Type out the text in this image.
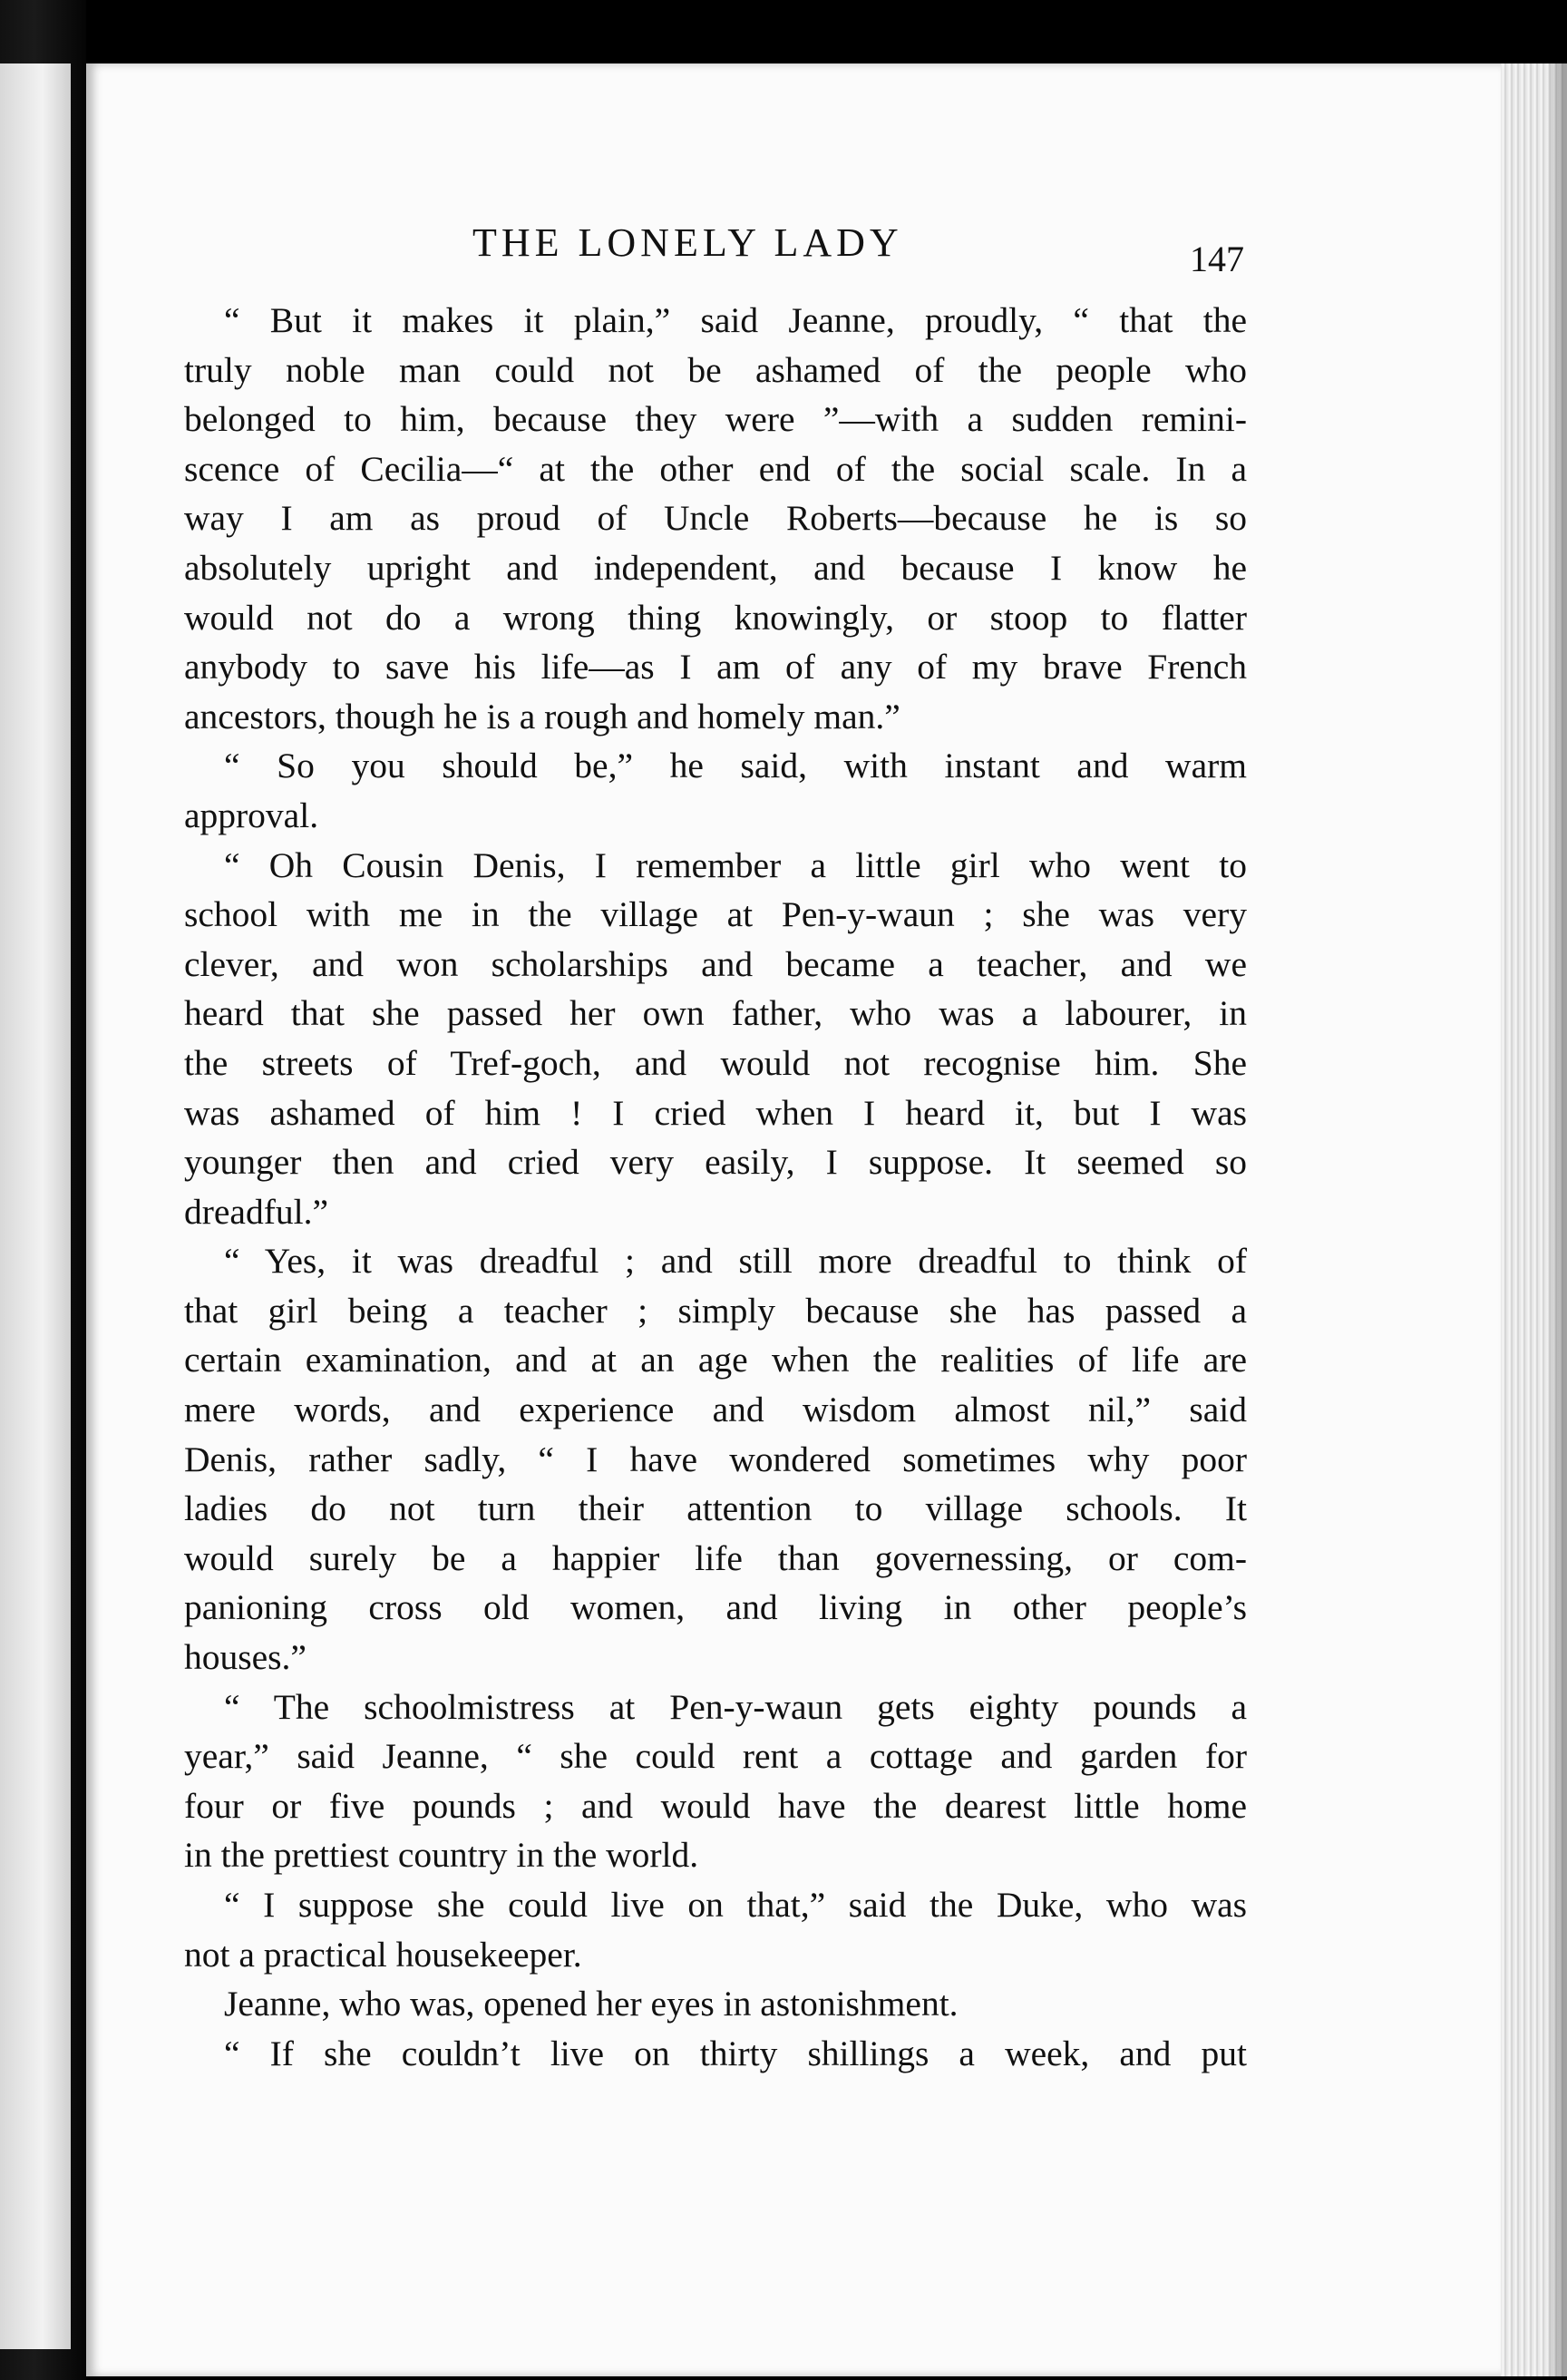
THE LONELY LADY	147

“ But it makes it plain,” said Jeanne, proudly, “ that the

truly noble man could not be ashamed of the people who

belonged to him, because they were ”—with a sudden remini-

scence of Cecilia—“ at the other end of the social scale. In a

way I am as proud of Uncle Roberts—because he is so

absolutely upright and independent, and because I know he

would not do a wrong thing knowingly, or stoop to flatter

anybody to save his life—as I am of any of my brave French

ancestors, though he is a rough and homely man.”

“ So you should be,” he said, with instant and warm

approval.

“ Oh Cousin Denis, I remember a little girl who went to

school with me in the village at Pen-y-waun ; she was very

clever, and won scholarships and became a teacher, and we

heard that she passed her own father, who was a labourer, in

the streets of Tref-goch, and would not recognise him. She

was ashamed of him ! I cried when I heard it, but I was

younger then and cried very easily, I suppose. It seemed so

dreadful.”

“ Yes, it was dreadful ; and still more dreadful to think of

that girl being a teacher ; simply because she has passed a

certain examination, and at an age when the realities of life are

mere words, and experience and wisdom almost nil,” said

Denis, rather sadly, “ I have wondered sometimes why poor

ladies do not turn their attention to village schools. It

would surely be a happier life than governessing, or com-

panioning cross old women, and living in other people’s

houses.”

“ The schoolmistress at Pen-y-waun gets eighty pounds a

year,” said Jeanne, “ she could rent a cottage and garden for

four or five pounds ; and would have the dearest little home

in the prettiest country in the world.

“ I suppose she could live on that,” said the Duke, who was

not a practical housekeeper.

Jeanne, who was, opened her eyes in astonishment.

“ If she couldn’t live on thirty shillings a week, and put
